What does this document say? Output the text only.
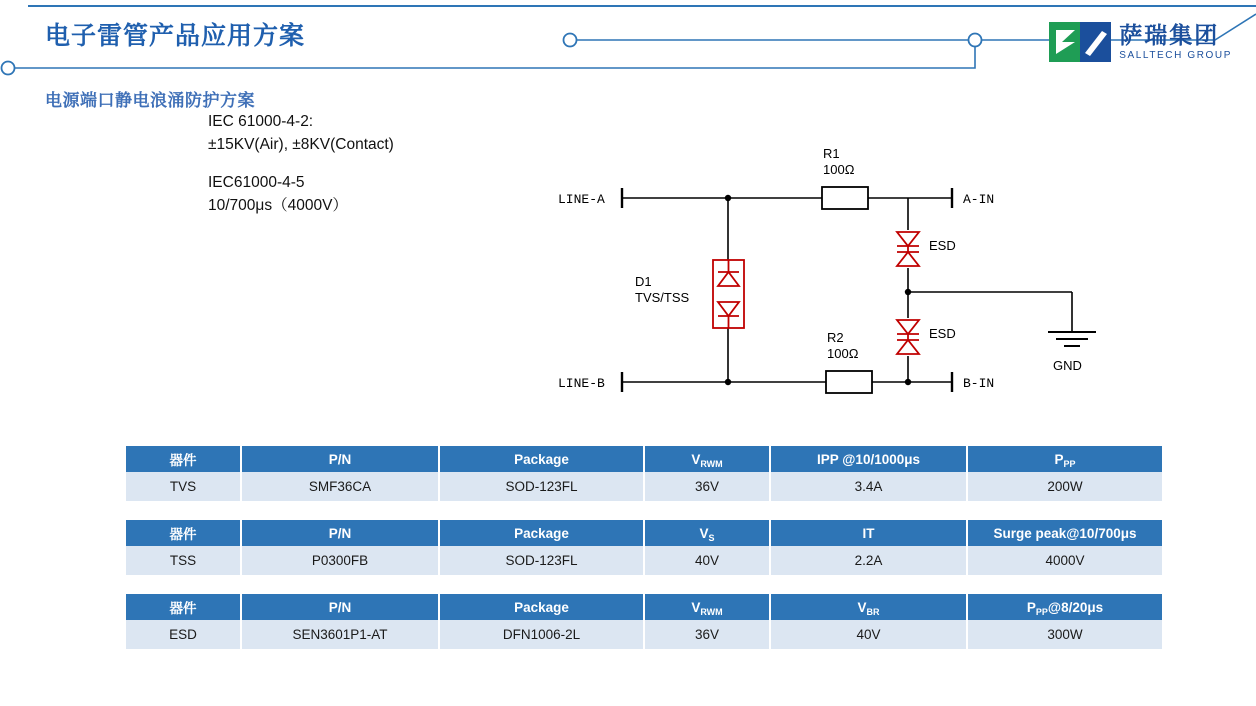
电子雷管产品应用方案
电源端口静电浪涌防护方案
萨瑞集团
SALLTECH GROUP
IEC 61000-4-2:
±15KV(Air), ±8KV(Contact)
IEC61000-4-5
10/700μs（4000V）	LINE-A
LINE-B
A-IN
B-IN
R1
100Ω
R2
100Ω
D1
TVS/TSS
ESD
ESD
GND
器件	P/N	Package	$V_{RWM}$	IPP @10/1000μs	$P_{PP}$
TVS	SMF36CA	SOD-123FL	36V	3.4A	200W
器件	P/N	Package	$V_S$	IT	Surge peak@10/700μs
TSS	P0300FB	SOD-123FL	40V	2.2A	4000V
器件	P/N	Package	$V_{RWM}$	$V_{BR}$	$P_{PP}@8/20\mu s$
ESD	SEN3601P1-AT	DFN1006-2L	36V	40V	300W
